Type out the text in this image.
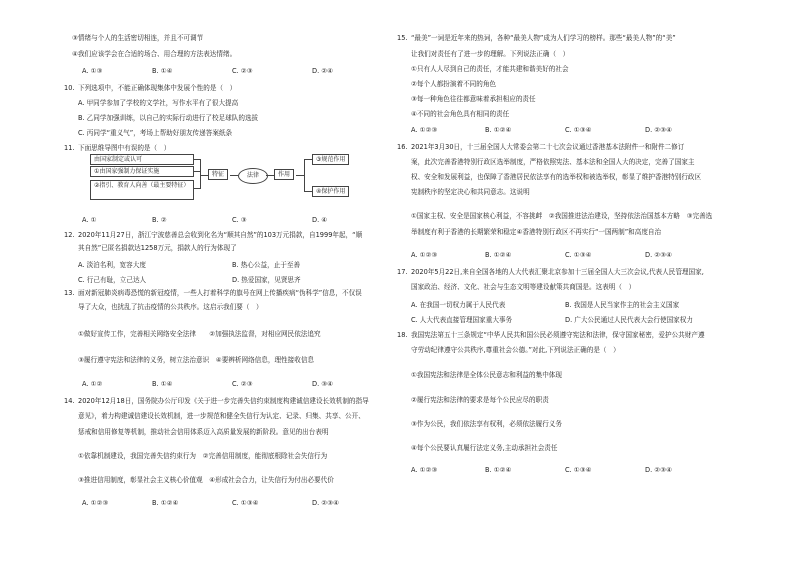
③情绪与个人的生活密切相连，并且不可调节
④我们应该学会在合适的场合、用合理的方法表达情绪。
A. ①③	B. ①④	C. ②③	D. ②④
10. 下列选项中，不能正确体现集体中发展个性的是（　）
A. 甲同学参加了学校的文学社，写作水平有了很大提高
B. 乙同学加强训练，以自己的实际行动进行了校足球队的选拔
C. 丙同学“重义气”，考场上帮助好朋友传递答案纸条
11. 下面思维导图中有误的是（　）
由国家制定或认可
①由国家强制力保证实施
②指引、教育人向善（最主要特征）
特征	法律	作用
③规范作用
④保护作用
A. ①	B. ②	C. ③	D. ④
12. 2020年11月27日，浙江宁波慈善总会收到化名为“顺其自然”的103万元捐款，自1999年起，“顺
其自然”已匿名捐款达1258万元，捐款人的行为体现了
A. 淡泊名利，宽容大度	B. 热心公益，止于至善
C. 行己有耻，立己达人	D. 热爱国家，见贤思齐
13. 面对新冠肺炎病毒恐慌的新冠疫情，一些人打着科学的旗号在网上传播疾病“伪科学”信息，不仅误
导了大众，也扰乱了抗击疫情的公共秩序。这启示我们要（　）
①做好宣传工作，完善相关网络安全法律　　②加强执法监督，对相应网民依法追究
③履行遵守宪法和法律的义务，树立法治意识　④要辨析网络信息，理性接收信息
A. ①②	B. ①④	C. ②③	D. ③④
14. 2020年12月18日，国务院办公厅印发《关于进一步完善失信约束制度构建诚信建设长效机制的指导
意见》，着力构建诚信建设长效机制，进一步规范和健全失信行为认定、记录、归集、共享、公开、
惩戒和信用修复等机制，推动社会信用体系迈入高质量发展的新阶段。意见的出台表明
①依靠机制建设，我国完善失信约束行为　②完善信用制度，能彻底根除社会失信行为
③推进信用制度，彰显社会主义核心价值观　④形成社会合力，让失信行为付出必要代价
A. ①②③	B. ①②④	C. ①③④	D. ②③④
15. “最美”一词是近年来的热词，各种“最美人物”成为人们学习的榜样。那些“最美人物”的“美”
让我们对责任有了进一步的理解。下列说法正确（　）
①只有人人尽到自己的责任，才能共建和谐美好的社会
②每个人都扮演着不同的角色
③每一种角色往往都意味着承担相应的责任
④不同的社会角色具有相同的责任
A. ①②③	B. ①②④	C. ①③④	D. ②③④
16. 2021年3月30日，十三届全国人大常委会第二十七次会议通过香港基本法附件一和附件二修订
案，此次完善香港特别行政区选举制度，严格依照宪法、基本法和全国人大的决定，完善了国家主
权、安全和发展利益，也保障了香港居民依法享有的选举权和被选举权，彰显了维护香港特别行政区
宪制秩序的坚定决心和共同意志。这说明
①国家主权、安全是国家核心利益，不容挑衅　②我国推进法治建设，坚持依法治国基本方略　③完善选
举制度有利于香港的长期繁荣和稳定④香港特别行政区不再实行“一国两制”和高度自治
A. ①②③	B. ①②④	C. ①③④	D. ②③④
17. 2020年5月22日,来自全国各地的人大代表汇聚北京参加十三届全国人大三次会议,代表人民管理国家,
国家政治、经济、文化、社会与生态文明等建设献策共商国是。这表明（　）
A. 在我国一切权力属于人民代表	B. 我国是人民当家作主的社会主义国家
C. 人大代表直接管理国家重大事务	D. 广大公民通过人民代表大会行使国家权力
18. 我国宪法第五十三条规定“中华人民共和国公民必须遵守宪法和法律，保守国家秘密，爱护公共财产遵
守劳动纪律遵守公共秩序,尊重社会公德。”对此,下列说法正确的是（　）
①我国宪法和法律是全体公民意志和利益的集中体现
②履行宪法和法律的要求是每个公民应尽的职责
③作为公民，我们依法享有权利，必须依法履行义务
④每个公民要认真履行法定义务,主动承担社会责任
A. ①②③	B. ①②④	C. ①③④	D. ②③④
